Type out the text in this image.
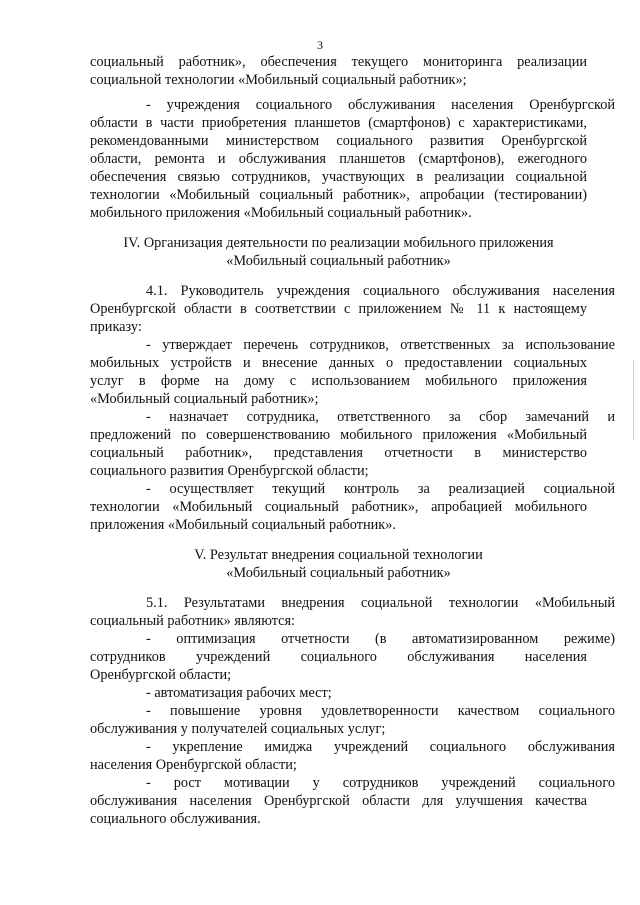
3
социальный работник», обеспечения текущего мониторинга реализации
социальной технологии «Мобильный социальный работник»;
- учреждения социального обслуживания населения Оренбургской
области в части приобретения планшетов (смартфонов) с характеристиками,
рекомендованными министерством социального развития Оренбургской
области, ремонта и обслуживания планшетов (смартфонов), ежегодного
обеспечения связью сотрудников, участвующих в реализации социальной
технологии «Мобильный социальный работник», апробации (тестировании)
мобильного приложения «Мобильный социальный работник».
IV. Организация деятельности по реализации мобильного приложения
«Мобильный социальный работник»
4.1. Руководитель учреждения социального обслуживания населения
Оренбургской области в соответствии с приложением № 11 к настоящему
приказу:
- утверждает перечень сотрудников, ответственных за использование
мобильных устройств и внесение данных о предоставлении социальных
услуг в форме на дому с использованием мобильного приложения
«Мобильный социальный работник»;
- назначает сотрудника, ответственного за сбор замечаний и
предложений по совершенствованию мобильного приложения «Мобильный
социальный работник», представления отчетности в министерство
социального развития Оренбургской области;
- осуществляет текущий контроль за реализацией социальной
технологии «Мобильный социальный работник», апробацией мобильного
приложения «Мобильный социальный работник».
V. Результат внедрения социальной технологии
«Мобильный социальный работник»
5.1. Результатами внедрения социальной технологии «Мобильный
социальный работник» являются:
- оптимизация отчетности (в автоматизированном режиме)
сотрудников учреждений социального обслуживания населения
Оренбургской области;
- автоматизация рабочих мест;
- повышение уровня удовлетворенности качеством социального
обслуживания у получателей социальных услуг;
- укрепление имиджа учреждений социального обслуживания
населения Оренбургской области;
- рост мотивации у сотрудников учреждений социального
обслуживания населения Оренбургской области для улучшения качества
социального обслуживания.
